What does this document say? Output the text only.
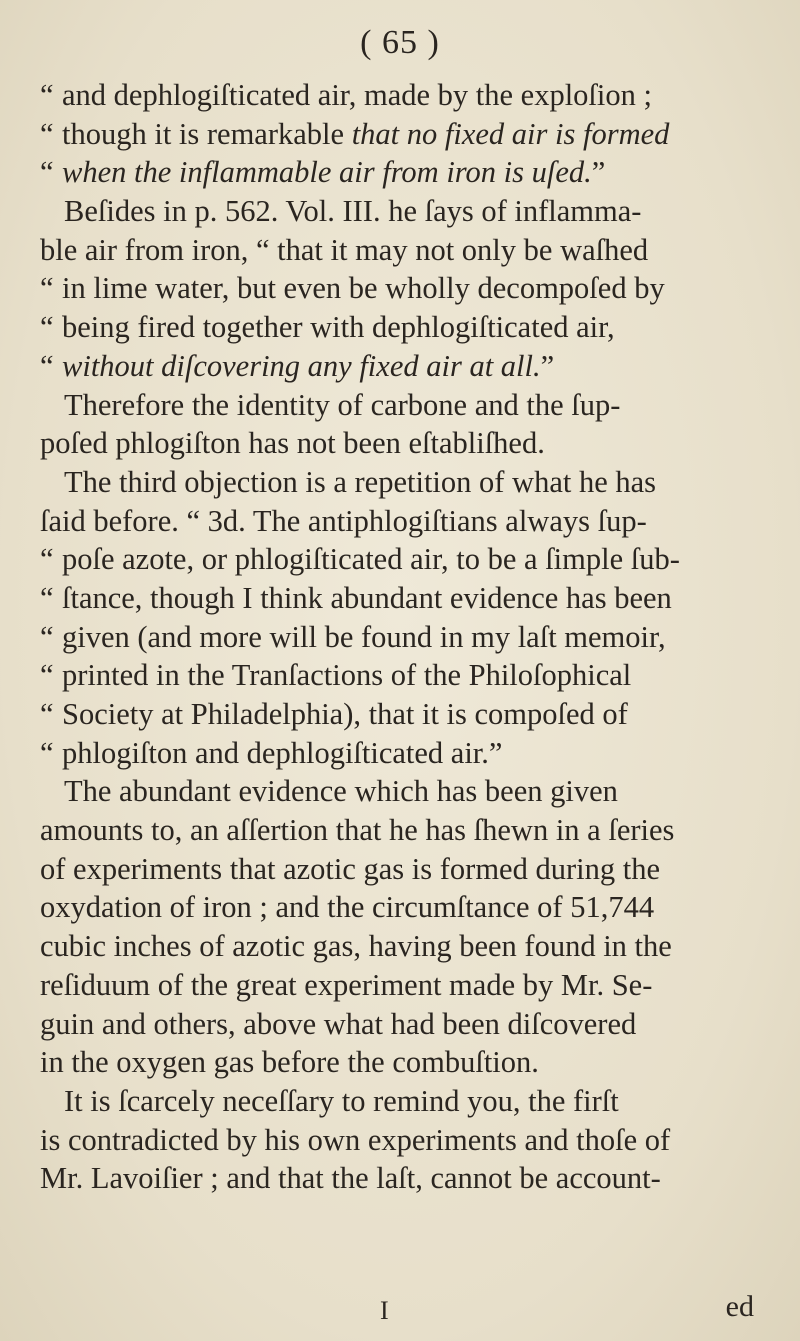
( 65 )
“ and dephlogiſticated air, made by the exploſion ;
“ though it is remarkable that no fixed air is formed
“ when the inflammable air from iron is uſed.”
Beſides in p. 562. Vol. III. he ſays of inflamma-
ble air from iron, “ that it may not only be waſhed
“ in lime water, but even be wholly decompoſed by
“ being fired together with dephlogiſticated air,
“ without diſcovering any fixed air at all.”
Therefore the identity of carbone and the ſup-
poſed phlogiſton has not been eſtabliſhed.
The third objection is a repetition of what he has
ſaid before. “ 3d. The antiphlogiſtians always ſup-
“ poſe azote, or phlogiſticated air, to be a ſimple ſub-
“ ſtance, though I think abundant evidence has been
“ given (and more will be found in my laſt memoir,
“ printed in the Tranſactions of the Philoſophical
“ Society at Philadelphia), that it is compoſed of
“ phlogiſton and dephlogiſticated air.”
The abundant evidence which has been given
amounts to, an aſſertion that he has ſhewn in a ſeries
of experiments that azotic gas is formed during the
oxydation of iron ; and the circumſtance of 51,744
cubic inches of azotic gas, having been found in the
reſiduum of the great experiment made by Mr. Se-
guin and others, above what had been diſcovered
in the oxygen gas before the combuſtion.
It is ſcarcely neceſſary to remind you, the firſt
is contradicted by his own experiments and thoſe of
Mr. Lavoiſier ; and that the laſt, cannot be account-
I	ed
